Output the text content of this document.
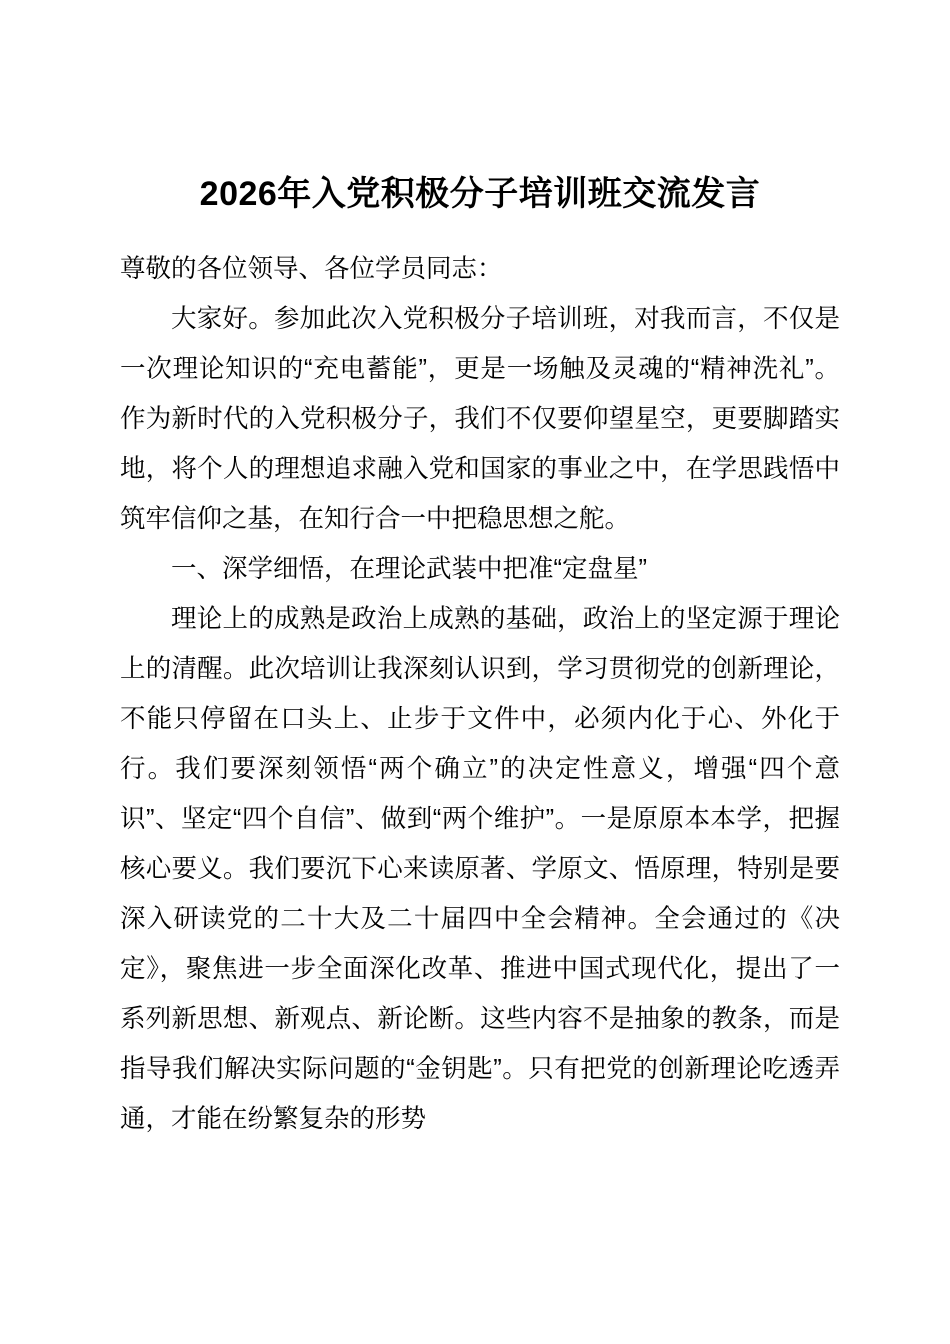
2026年入党积极分子培训班交流发言

尊敬的各位领导、各位学员同志：

大家好。参加此次入党积极分子培训班，对我而言，不仅是一次理论知识的“充电蓄能”，更是一场触及灵魂的“精神洗礼”。作为新时代的入党积极分子，我们不仅要仰望星空，更要脚踏实地，将个人的理想追求融入党和国家的事业之中，在学思践悟中筑牢信仰之基，在知行合一中把稳思想之舵。

一、深学细悟，在理论武装中把准“定盘星”

理论上的成熟是政治上成熟的基础，政治上的坚定源于理论上的清醒。此次培训让我深刻认识到，学习贯彻党的创新理论，不能只停留在口头上、止步于文件中，必须内化于心、外化于行。我们要深刻领悟“两个确立”的决定性意义，增强“四个意识”、坚定“四个自信”、做到“两个维护”。一是原原本本学，把握核心要义。我们要沉下心来读原著、学原文、悟原理，特别是要深入研读党的二十大及二十届四中全会精神。全会通过的《决定》，聚焦进一步全面深化改革、推进中国式现代化，提出了一系列新思想、新观点、新论断。这些内容不是抽象的教条，而是指导我们解决实际问题的“金钥匙”。只有把党的创新理论吃透弄通，才能在纷繁复杂的形势
